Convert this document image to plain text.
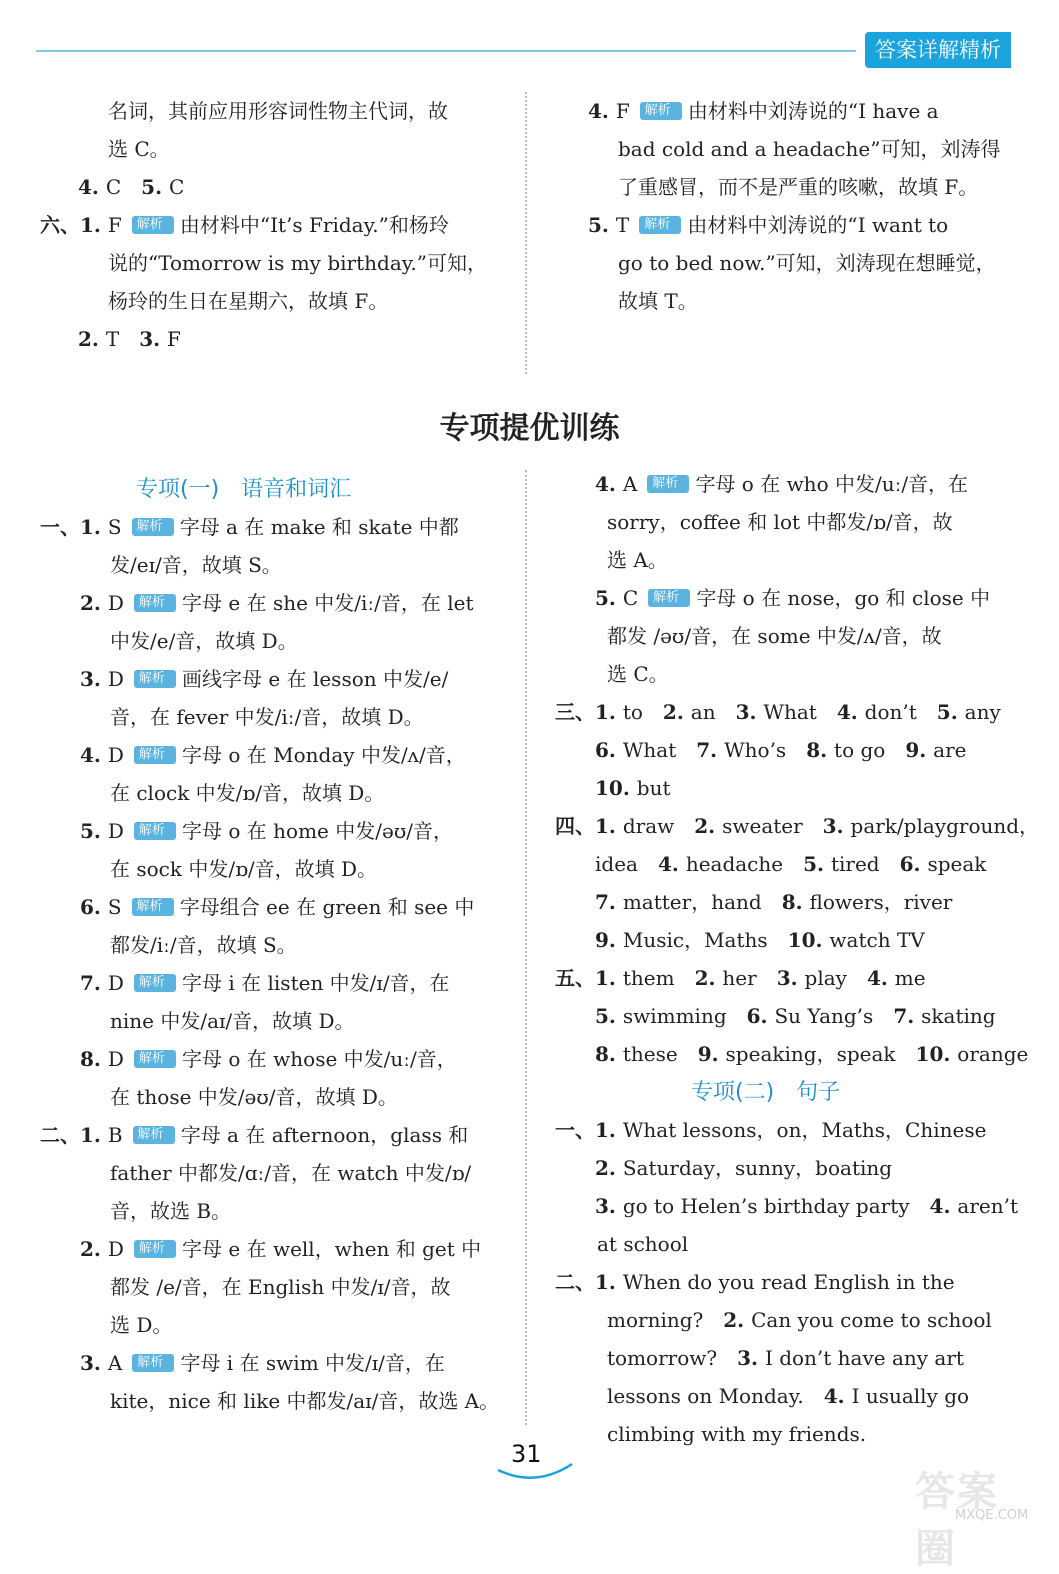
答案详解精析
名词，其前应用形容词性物主代词，故
选 C。
4. C　5. C
六、1. F 解析 · 由材料中“It’s Friday.”和杨玲
说的“Tomorrow is my birthday.”可知，
杨玲的生日在星期六，故填 F。
2. T　3. F
4. F 解析 · 由材料中刘涛说的“I have a
bad cold and a headache”可知，刘涛得
了重感冒，而不是严重的咳嗽，故填 F。
5. T 解析 · 由材料中刘涛说的“I want to
go to bed now.”可知，刘涛现在想睡觉，
故填 T。
专项提优训练
专项(一)　语音和词汇
一、1. S 解析 · 字母 a 在 make 和 skate 中都
发/eɪ/音，故填 S。
2. D 解析 · 字母 e 在 she 中发/iː/音，在 let
中发/e/音，故填 D。
3. D 解析 · 画线字母 e 在 lesson 中发/e/
音，在 fever 中发/iː/音，故填 D。
4. D 解析 · 字母 o 在 Monday 中发/ʌ/音，
在 clock 中发/ɒ/音，故填 D。
5. D 解析 · 字母 o 在 home 中发/əʊ/音，
在 sock 中发/ɒ/音，故填 D。
6. S 解析 · 字母组合 ee 在 green 和 see 中
都发/iː/音，故填 S。
7. D 解析 · 字母 i 在 listen 中发/ɪ/音，在
nine 中发/aɪ/音，故填 D。
8. D 解析 · 字母 o 在 whose 中发/uː/音，
在 those 中发/əʊ/音，故填 D。
二、1. B 解析 · 字母 a 在 afternoon，glass 和
father 中都发/ɑː/音，在 watch 中发/ɒ/
音，故选 B。
2. D 解析 · 字母 e 在 well，when 和 get 中
都发 /e/音，在 English 中发/ɪ/音，故
选 D。
3. A 解析 · 字母 i 在 swim 中发/ɪ/音，在
kite，nice 和 like 中都发/aɪ/音，故选 A。
4. A 解析 · 字母 o 在 who 中发/uː/音，在
sorry，coffee 和 lot 中都发/ɒ/音，故
选 A。
5. C 解析 · 字母 o 在 nose，go 和 close 中
都发 /əʊ/音，在 some 中发/ʌ/音，故
选 C。
三、1. to　2. an　3. What　4. don’t　5. any
6. What　7. Who’s　8. to go　9. are
10. but
四、1. draw　2. sweater　3. park/playground，
idea　4. headache　5. tired　6. speak
7. matter，hand　8. flowers，river
9. Music，Maths　10. watch TV
五、1. them　2. her　3. play　4. me
5. swimming　6. Su Yang’s　7. skating
8. these　9. speaking，speak　10. orange
专项(二)　句子
一、1. What lessons，on，Maths，Chinese
2. Saturday，sunny，boating
3. go to Helen’s birthday party　4. aren’t
at school
二、1. When do you read English in the
morning?　2. Can you come to school
tomorrow?　3. I don’t have any art
lessons on Monday.　4. I usually go
climbing with my friends.
31
答案圈
MXQE.COM
